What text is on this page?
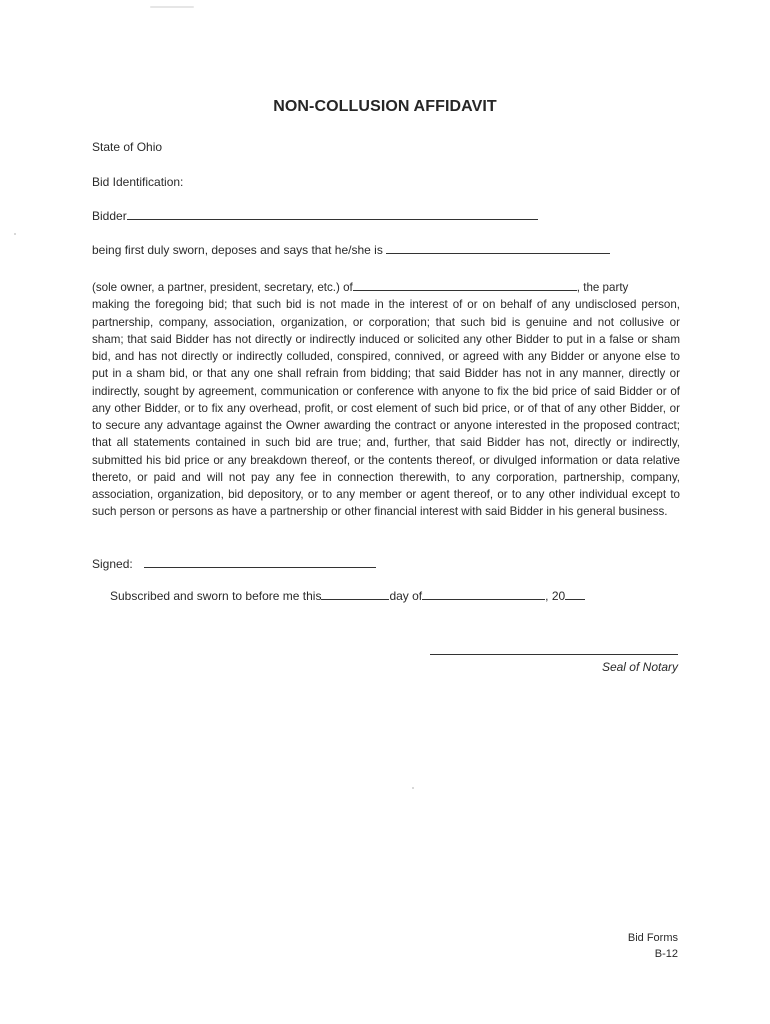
NON-COLLUSION AFFIDAVIT
State of Ohio
Bid Identification:
Bidder
being first duly sworn, deposes and says that he/she is
(sole owner, a partner, president, secretary, etc.) of	, the party
making the foregoing bid; that such bid is not made in the interest of or on behalf of any undisclosed person, partnership, company, association, organization, or corporation; that such bid is genuine and not collusive or sham; that said Bidder has not directly or indirectly induced or solicited any other Bidder to put in a false or sham bid, and has not directly or indirectly colluded, conspired, connived, or agreed with any Bidder or anyone else to put in a sham bid, or that any one shall refrain from bidding; that said Bidder has not in any manner, directly or indirectly, sought by agreement, communication or conference with anyone to fix the bid price of said Bidder or of any other Bidder, or to fix any overhead, profit, or cost element of such bid price, or of that of any other Bidder, or to secure any advantage against the Owner awarding the contract or anyone interested in the proposed contract; that all statements contained in such bid are true; and, further, that said Bidder has not, directly or indirectly, submitted his bid price or any breakdown thereof, or the contents thereof, or divulged information or data relative thereto, or paid and will not pay any fee in connection therewith, to any corporation, partnership, company, association, organization, bid depository, or to any member or agent thereof, or to any other individual except to such person or persons as have a partnership or other financial interest with said Bidder in his general business.
Signed:
Subscribed and sworn to before me this	day of	, 20
Seal of Notary
Bid Forms
B-12
